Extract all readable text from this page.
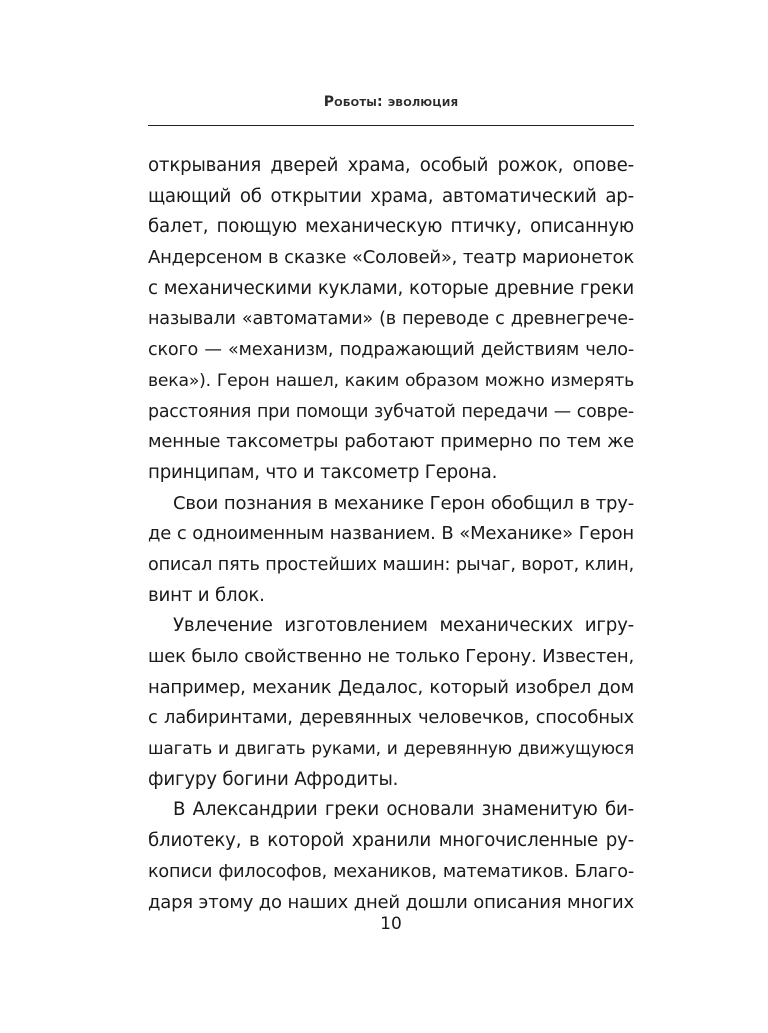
Роботы: эволюция
открывания дверей храма, особый рожок, опове-
щающий об открытии храма, автоматический ар-
балет, поющую механическую птичку, описанную
Андерсеном в сказке «Соловей», театр марионеток
с механическими куклами, которые древние греки
называли «автоматами» (в переводе с древнегрече-
ского — «механизм, подражающий действиям чело-
века»). Герон нашел, каким образом можно измерять
расстояния при помощи зубчатой передачи — совре-
менные таксометры работают примерно по тем же
принципам, что и таксометр Герона.
Свои познания в механике Герон обобщил в тру-
де с одноименным названием. В «Механике» Герон
описал пять простейших машин: рычаг, ворот, клин,
винт и блок.
Увлечение изготовлением механических игру-
шек было свойственно не только Герону. Известен,
например, механик Дедалос, который изобрел дом
с лабиринтами, деревянных человечков, способных
шагать и двигать руками, и деревянную движущуюся
фигуру богини Афродиты.
В Александрии греки основали знаменитую би-
блиотеку, в которой хранили многочисленные ру-
кописи философов, механиков, математиков. Благо-
даря этому до наших дней дошли описания многих
10
